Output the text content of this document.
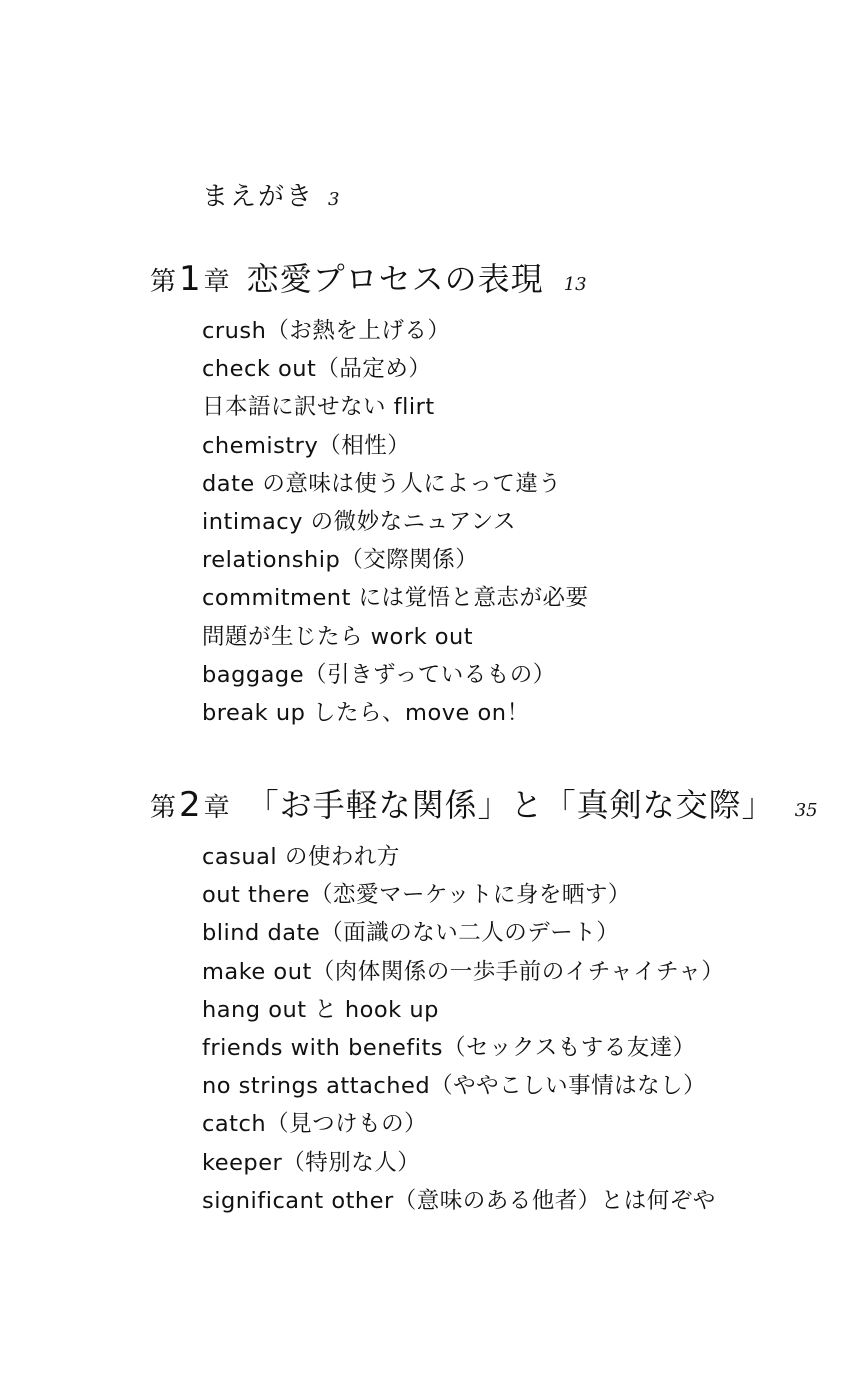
まえがき 3
第1章 恋愛プロセスの表現 13
crush（お熱を上げる）
check out（品定め）
日本語に訳せない flirt
chemistry（相性）
date の意味は使う人によって違う
intimacy の微妙なニュアンス
relationship（交際関係）
commitment には覚悟と意志が必要
問題が生じたら work out
baggage（引きずっているもの）
break up したら、move on！
第2章 「お手軽な関係」と「真剣な交際」 35
casual の使われ方
out there（恋愛マーケットに身を晒す）
blind date（面識のない二人のデート）
make out（肉体関係の一歩手前のイチャイチャ）
hang out と hook up
friends with benefits（セックスもする友達）
no strings attached（ややこしい事情はなし）
catch（見つけもの）
keeper（特別な人）
significant other（意味のある他者）とは何ぞや
